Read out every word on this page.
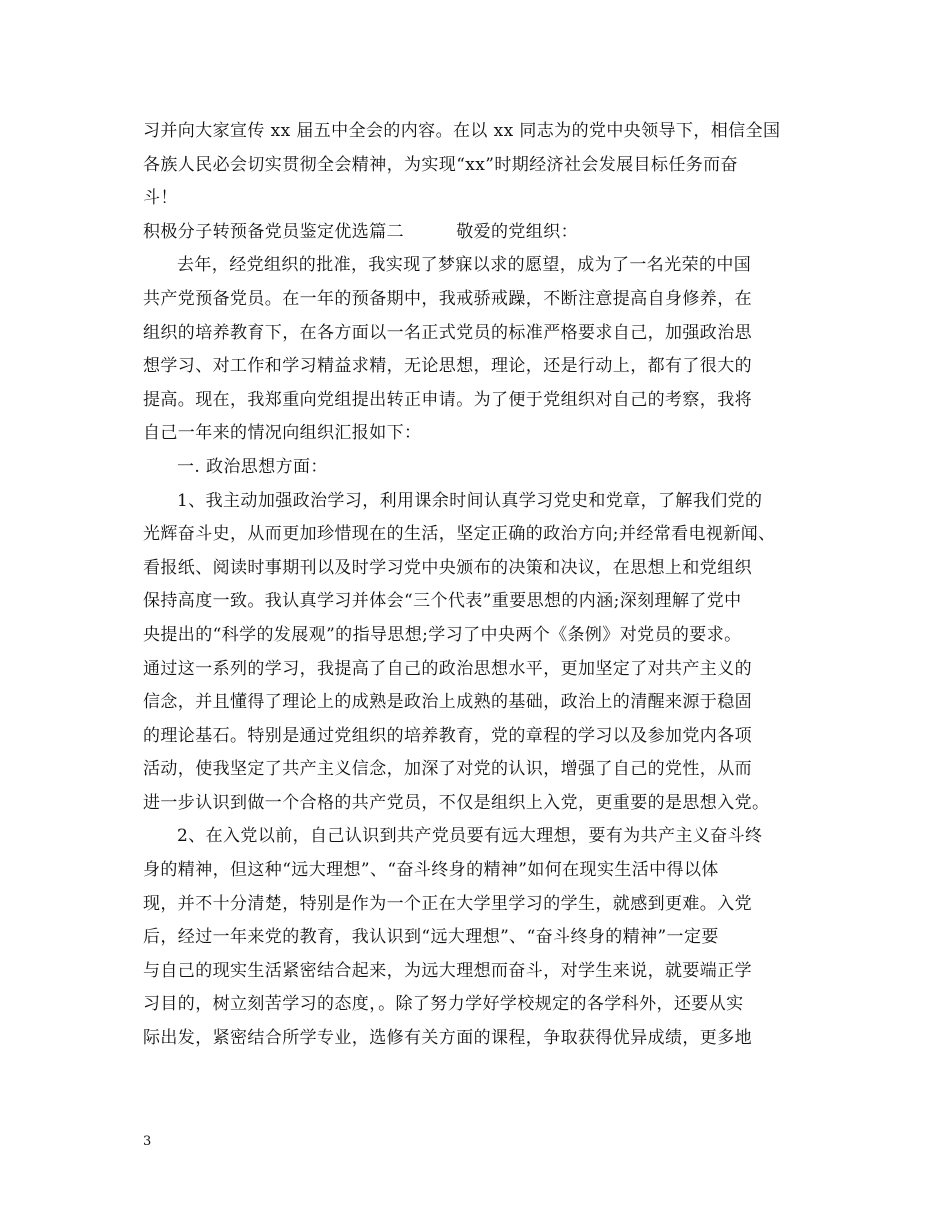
习并向大家宣传 xx 届五中全会的内容。在以 xx 同志为的党中央领导下，相信全国
各族人民必会切实贯彻全会精神，为实现“xx”时期经济社会发展目标任务而奋
斗！
积极分子转预备党员鉴定优选篇二　　　敬爱的党组织：
去年，经党组织的批准，我实现了梦寐以求的愿望，成为了一名光荣的中国
共产党预备党员。在一年的预备期中，我戒骄戒躁，不断注意提高自身修养，在
组织的培养教育下，在各方面以一名正式党员的标准严格要求自己，加强政治思
想学习、对工作和学习精益求精，无论思想，理论，还是行动上，都有了很大的
提高。现在，我郑重向党组提出转正申请。为了便于党组织对自己的考察，我将
自己一年来的情况向组织汇报如下：
一. 政治思想方面：
1、我主动加强政治学习，利用课余时间认真学习党史和党章，了解我们党的
光辉奋斗史，从而更加珍惜现在的生活，坚定正确的政治方向;并经常看电视新闻、
看报纸、阅读时事期刊以及时学习党中央颁布的决策和决议，在思想上和党组织
保持高度一致。我认真学习并体会“三个代表”重要思想的内涵;深刻理解了党中
央提出的“科学的发展观”的指导思想;学习了中央两个《条例》对党员的要求。
通过这一系列的学习，我提高了自己的政治思想水平，更加坚定了对共产主义的
信念，并且懂得了理论上的成熟是政治上成熟的基础，政治上的清醒来源于稳固
的理论基石。特别是通过党组织的培养教育，党的章程的学习以及参加党内各项
活动，使我坚定了共产主义信念，加深了对党的认识，增强了自己的党性，从而
进一步认识到做一个合格的共产党员，不仅是组织上入党，更重要的是思想入党。
2、在入党以前，自己认识到共产党员要有远大理想，要有为共产主义奋斗终
身的精神，但这种“远大理想”、“奋斗终身的精神”如何在现实生活中得以体
现，并不十分清楚，特别是作为一个正在大学里学习的学生，就感到更难。入党
后，经过一年来党的教育，我认识到“远大理想”、“奋斗终身的精神”一定要
与自己的现实生活紧密结合起来，为远大理想而奋斗，对学生来说，就要端正学
习目的，树立刻苦学习的态度，。除了努力学好学校规定的各学科外，还要从实
际出发，紧密结合所学专业，选修有关方面的课程，争取获得优异成绩，更多地
3
